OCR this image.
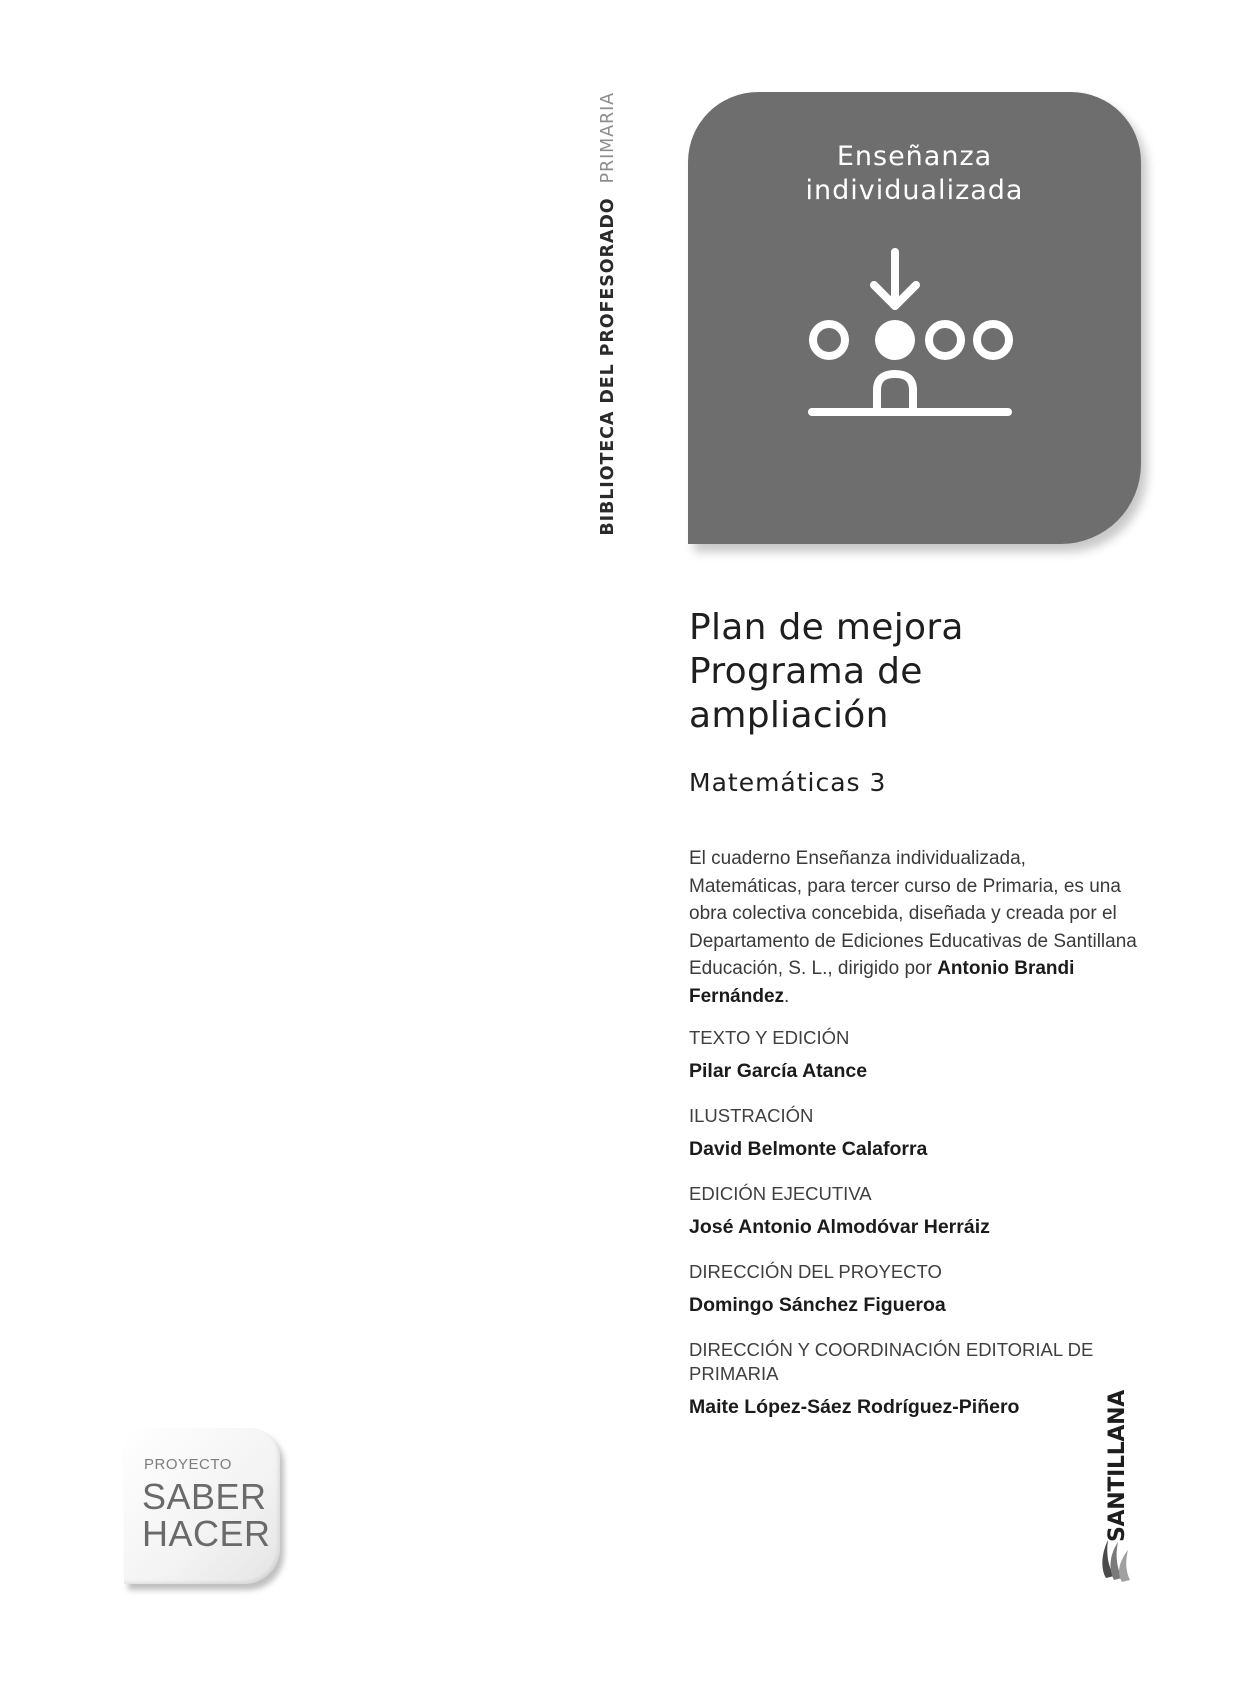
BIBLIOTECA DEL PROFESORADO  PRIMARIA	Enseñanza
individualizada
Plan de mejora
Programa de
ampliación
Matemáticas 3

El cuaderno Enseñanza individualizada, Matemáticas, para tercer curso de Primaria, es una obra colectiva concebida, diseñada y creada por el Departamento de Ediciones Educativas de Santillana Educación, S. L., dirigido por Antonio Brandi Fernández.

TEXTO Y EDICIÓN

Pilar García Atance

ILUSTRACIÓN

David Belmonte Calaforra

EDICIÓN EJECUTIVA

José Antonio Almodóvar Herráiz

DIRECCIÓN DEL PROYECTO

Domingo Sánchez Figueroa

DIRECCIÓN Y COORDINACIÓN EDITORIAL DE PRIMARIA

Maite López-Sáez Rodríguez-Piñero

PROYECTO
SABER
HACER	SANTILLANA
